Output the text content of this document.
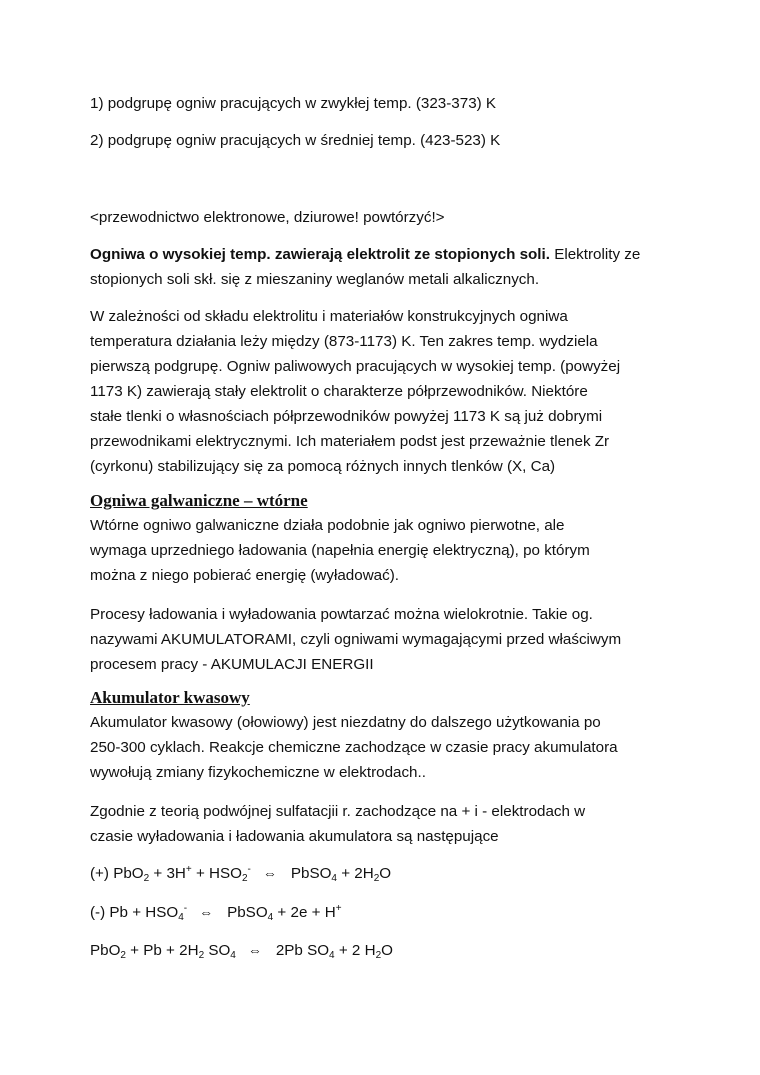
1) podgrupę ogniw pracujących w zwykłej temp. (323-373) K

2) podgrupę ogniw pracujących w średniej temp. (423-523) K

<przewodnictwo elektronowe, dziurowe! powtórzyć!>

Ogniwa o wysokiej temp. zawierają elektrolit ze stopionych soli. Elektrolity ze
stopionych soli skł. się z mieszaniny weglanów metali alkalicznych.

W zależności od składu elektrolitu i materiałów konstrukcyjnych ogniwa
temperatura działania leży między (873-1173) K. Ten zakres temp. wydziela
pierwszą podgrupę. Ogniw paliwowych pracujących w wysokiej temp. (powyżej
1173 K) zawierają stały elektrolit o charakterze półprzewodników. Niektóre
stałe tlenki o własnościach półprzewodników powyżej 1173 K są już dobrymi
przewodnikami elektrycznymi. Ich materiałem podst jest przeważnie tlenek Zr
(cyrkonu) stabilizujący się za pomocą różnych innych tlenków (X, Ca)

Ogniwa galwaniczne – wtórne

Wtórne ogniwo galwaniczne działa podobnie jak ogniwo pierwotne, ale
wymaga uprzedniego ładowania (napełnia energię elektryczną), po którym
można z niego pobierać energię (wyładować).

Procesy ładowania i wyładowania powtarzać można wielokrotnie. Takie og.
nazywami AKUMULATORAMI, czyli ogniwami wymagającymi przed właściwym
procesem pracy - AKUMULACJI ENERGII

Akumulator kwasowy

Akumulator kwasowy (ołowiowy) jest niezdatny do dalszego użytkowania po
250-300 cyklach. Reakcje chemiczne zachodzące w czasie pracy akumulatora
wywołują zmiany fizykochemiczne w elektrodach..

Zgodnie z teorią podwójnej sulfatacjii r. zachodzące na + i - elektrodach w
czasie wyładowania i ładowania akumulatora są następujące

(+) $PbO_2 + 3H^+ + HSO_2^-$ ⇔ PbSO$_4$ + $2H_2O$

(-) $Pb + HSO_4^-$ ⇔ PbSO$_4$ + 2e + H+

$PbO_2 + Pb + 2H_2$ $SO_4$ ⇔ 2Pb $SO_4 + 2$ $H_2O$
